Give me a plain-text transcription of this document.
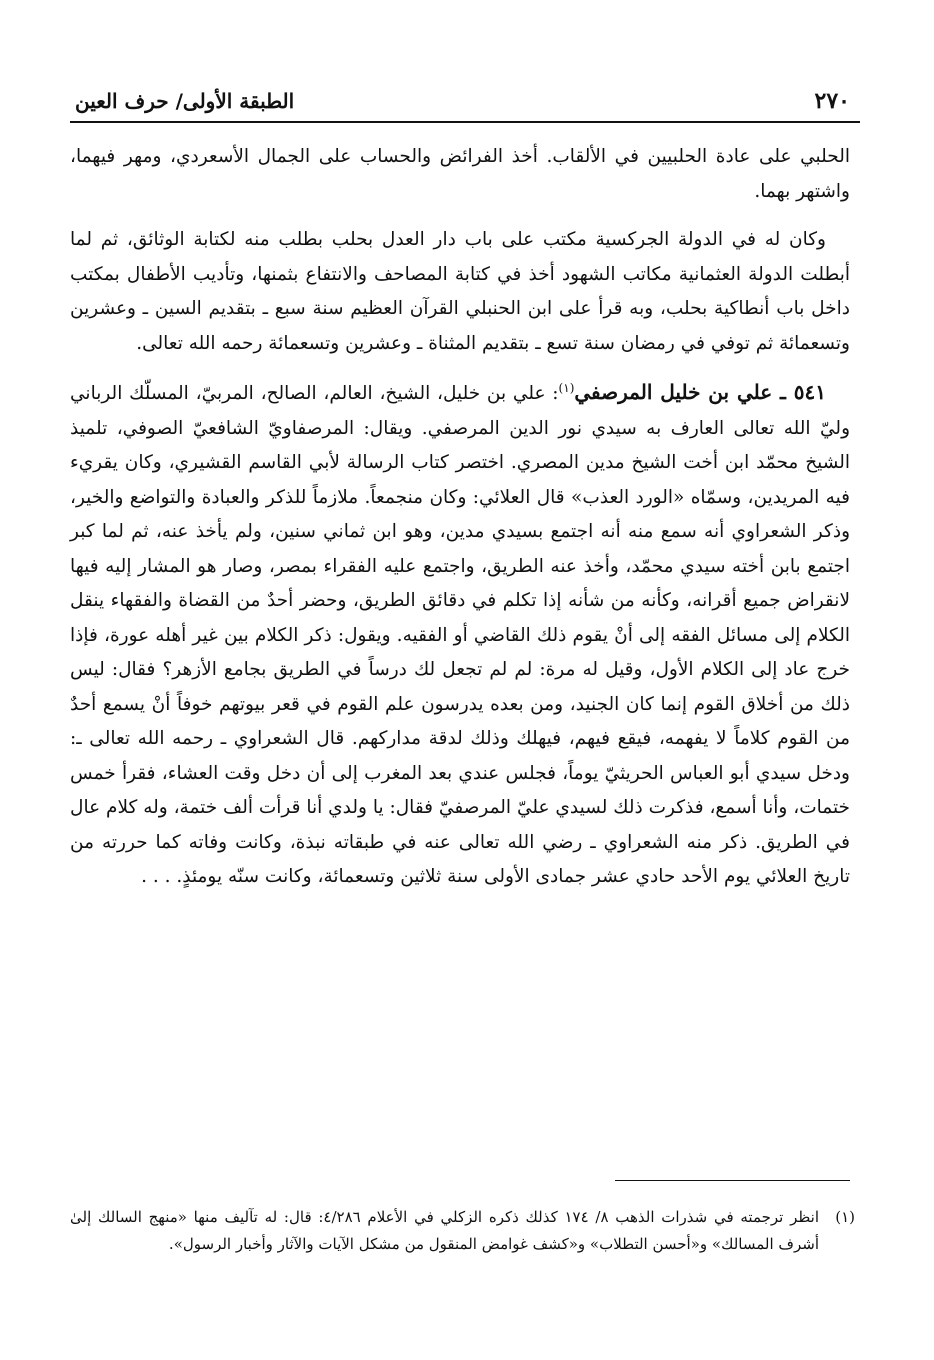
٢٧٠
الطبقة الأولى/ حرف العين

الحلبي على عادة الحلبيين في الألقاب. أخذ الفرائض والحساب على الجمال الأسعردي، ومهر فيهما، واشتهر بهما.

وكان له في الدولة الجركسية مكتب على باب دار العدل بحلب بطلب منه لكتابة الوثائق، ثم لما أبطلت الدولة العثمانية مكاتب الشهود أخذ في كتابة المصاحف والانتفاع بثمنها، وتأديب الأطفال بمكتب داخل باب أنطاكية بحلب، وبه قرأ على ابن الحنبلي القرآن العظيم سنة سبع ـ بتقديم السين ـ وعشرين وتسعمائة ثم توفي في رمضان سنة تسع ـ بتقديم المثناة ـ وعشرين وتسعمائة رحمه الله تعالى.

٥٤١ ـ علي بن خليل المرصفي$^{(١)}$: علي بن خليل، الشيخ، العالم، الصالح، المربيّ، المسلّك الرباني وليّ الله تعالى العارف به سيدي نور الدين المرصفي. ويقال: المرصفاويّ الشافعيّ الصوفي، تلميذ الشيخ محمّد ابن أخت الشيخ مدين المصري. اختصر كتاب الرسالة لأبي القاسم القشيري، وكان يقريء فيه المريدين، وسمّاه «الورد العذب» قال العلائي: وكان منجمعاً. ملازماً للذكر والعبادة والتواضع والخير، وذكر الشعراوي أنه سمع منه أنه اجتمع بسيدي مدين، وهو ابن ثماني سنين، ولم يأخذ عنه، ثم لما كبر اجتمع بابن أخته سيدي محمّد، وأخذ عنه الطريق، واجتمع عليه الفقراء بمصر، وصار هو المشار إليه فيها لانقراض جميع أقرانه، وكأنه من شأنه إذا تكلم في دقائق الطريق، وحضر أحدٌ من القضاة والفقهاء ينقل الكلام إلى مسائل الفقه إلى أنْ يقوم ذلك القاضي أو الفقيه. ويقول: ذكر الكلام بين غير أهله عورة، فإذا خرج عاد إلى الكلام الأول، وقيل له مرة: لم لم تجعل لك درساً في الطريق بجامع الأزهر؟ فقال: ليس ذلك من أخلاق القوم إنما كان الجنيد، ومن بعده يدرسون علم القوم في قعر بيوتهم خوفاً أنْ يسمع أحدٌ من القوم كلاماً لا يفهمه، فيقع فيهم، فيهلك وذلك لدقة مداركهم. قال الشعراوي ـ رحمه الله تعالى ـ: ودخل سيدي أبو العباس الحريثيّ يوماً، فجلس عندي بعد المغرب إلى أن دخل وقت العشاء، فقرأ خمس ختمات، وأنا أسمع، فذكرت ذلك لسيدي عليّ المرصفيّ فقال: يا ولدي أنا قرأت ألف ختمة، وله كلام عال في الطريق. ذكر منه الشعراوي ـ رضي الله تعالى عنه في طبقاته نبذة، وكانت وفاته كما حررته من تاريخ العلائي يوم الأحد حادي عشر جمادى الأولى سنة ثلاثين وتسعمائة، وكانت سنّه يومئذٍ. . . .

(١)
انظر ترجمته في شذرات الذهب ٨/ ١٧٤ كذلك ذكره الزكلي في الأعلام ٤/٢٨٦: قال: له تآليف منها «منهج السالك إلىٰ أشرف المسالك» و«أحسن التطلاب» و«كشف غوامض المنقول من مشكل الآيات والآثار وأخبار الرسول».
